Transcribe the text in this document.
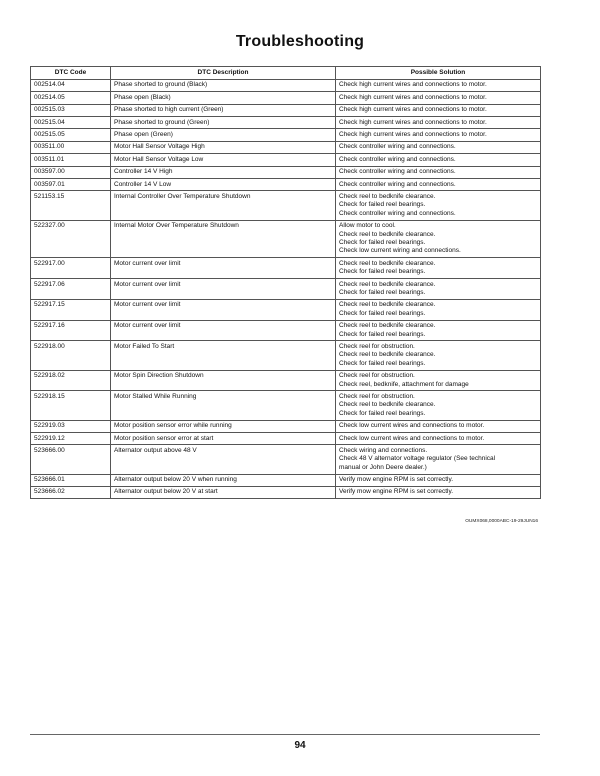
Troubleshooting
DTC Code	DTC Description	Possible Solution
002514.04	Phase shorted to ground (Black)	Check high current wires and connections to motor.

002514.05	Phase open (Black)	Check high current wires and connections to motor.

002515.03	Phase shorted to high current (Green)	Check high current wires and connections to motor.

002515.04	Phase shorted to ground (Green)	Check high current wires and connections to motor.

002515.05	Phase open (Green)	Check high current wires and connections to motor.

003511.00	Motor Hall Sensor Voltage High	Check controller wiring and connections.

003511.01	Motor Hall Sensor Voltage Low	Check controller wiring and connections.

003597.00	Controller 14 V High	Check controller wiring and connections.

003597.01	Controller 14 V Low	Check controller wiring and connections.

521153.15	Internal Controller Over Temperature Shutdown	Check reel to bedknife clearance.
Check for failed reel bearings.
Check controller wiring and connections.

522327.00	Internal Motor Over Temperature Shutdown	Allow motor to cool.
Check reel to bedknife clearance.
Check for failed reel bearings.
Check low current wiring and connections.

522917.00	Motor current over limit	Check reel to bedknife clearance.
Check for failed reel bearings.

522917.06	Motor current over limit	Check reel to bedknife clearance.
Check for failed reel bearings.

522917.15	Motor current over limit	Check reel to bedknife clearance.
Check for failed reel bearings.

522917.16	Motor current over limit	Check reel to bedknife clearance.
Check for failed reel bearings.

522918.00	Motor Failed To Start	Check reel for obstruction.
Check reel to bedknife clearance.
Check for failed reel bearings.

522918.02	Motor Spin Direction Shutdown	Check reel for obstruction.
Check reel, bedknife, attachment for damage

522918.15	Motor Stalled While Running	Check reel for obstruction.
Check reel to bedknife clearance.
Check for failed reel bearings.

522919.03	Motor position sensor error while running	Check low current wires and connections to motor.

522919.12	Motor position sensor error at start	Check low current wires and connections to motor.

523666.00	Alternator output above 48 V	Check wiring and connections.
Check 48 V alternator voltage regulator (See technical
manual or John Deere dealer.)

523666.01	Alternator output below 20 V when running	Verify mow engine RPM is set correctly.

523666.02	Alternator output below 20 V at start	Verify mow engine RPM is set correctly.
OUMX068,0000ABC-19-29JUN16
94
